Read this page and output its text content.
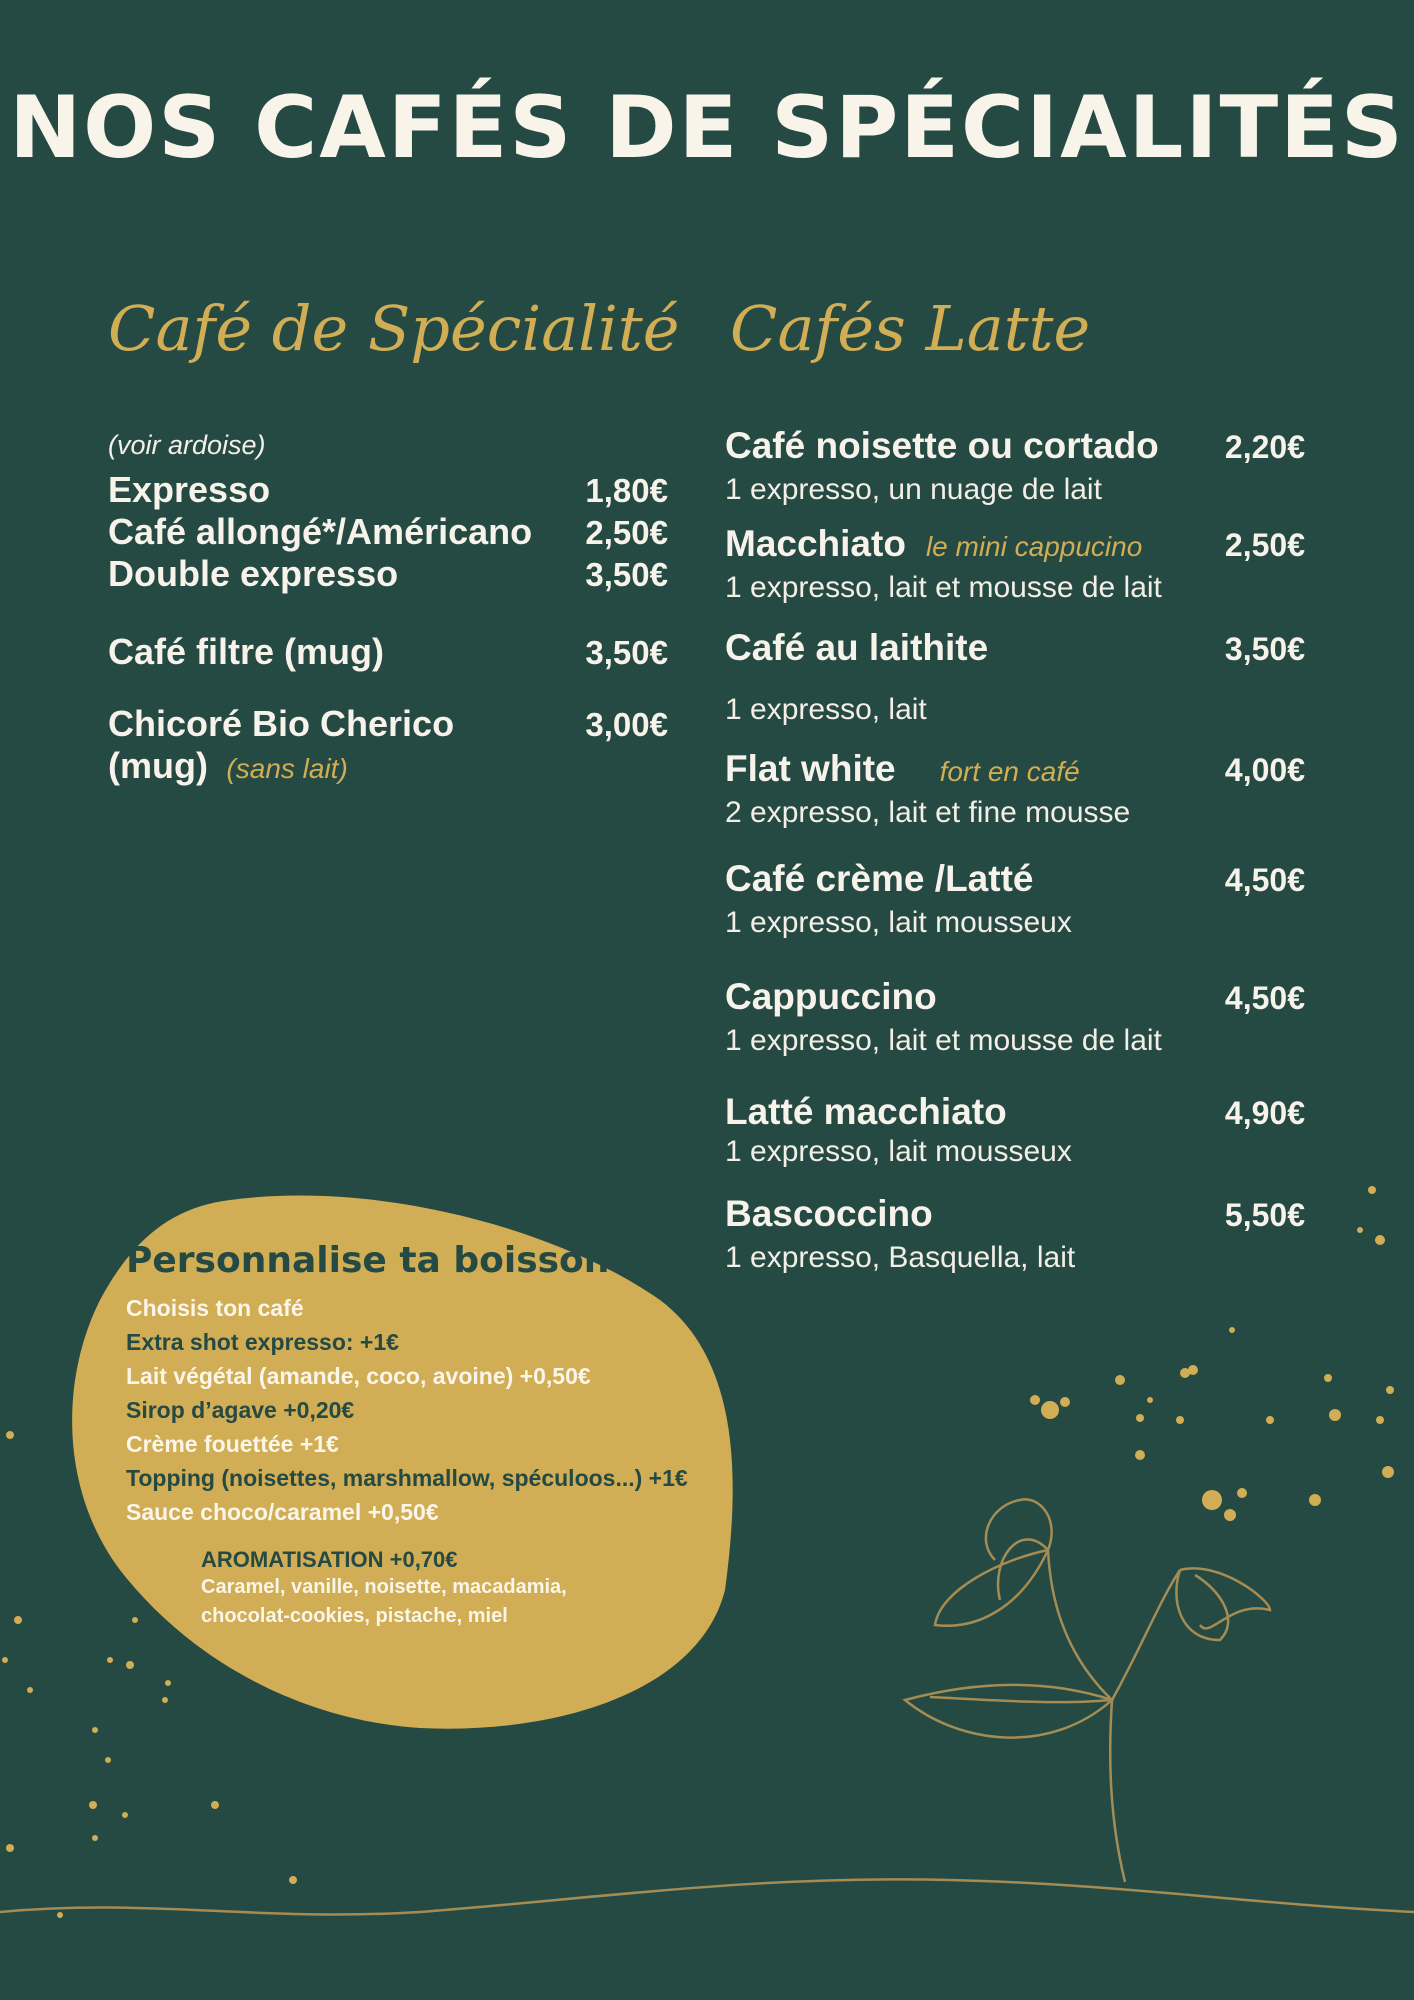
NOS CAFÉS DE SPÉCIALITÉS
Café de Spécialité
(voir ardoise)
Expresso	1,80€
Café allongé*/Américano 2,50€
Double expresso	3,50€
Café filtre (mug)	3,50€
Chicoré Bio Cherico	3,00€
(mug) (sans lait)
Cafés Latte
Café noisette ou cortado 2,20€
1 expresso, un nuage de lait
Macchiato le mini cappucino	2,50€
1 expresso, lait et mousse de lait
Café au laithite	3,50€
1 expresso, lait
Flat white fort en café	4,00€
2 expresso, lait et fine mousse
Café crème /Latté	4,50€
1 expresso, lait mousseux
Cappuccino	4,50€
1 expresso, lait et mousse de lait
Latté macchiato	4,90€
1 expresso, lait mousseux
Bascoccino	5,50€
1 expresso, Basquella, lait
Personnalise ta boisson
Choisis ton café
Extra shot expresso: +1€
Lait végétal (amande, coco, avoine) +0,50€
Sirop d’agave +0,20€
Crème fouettée +1€
Topping (noisettes, marshmallow, spéculoos...) +1€
Sauce choco/caramel +0,50€
AROMATISATION +0,70€
Caramel, vanille, noisette, macadamia,
chocolat-cookies, pistache, miel
